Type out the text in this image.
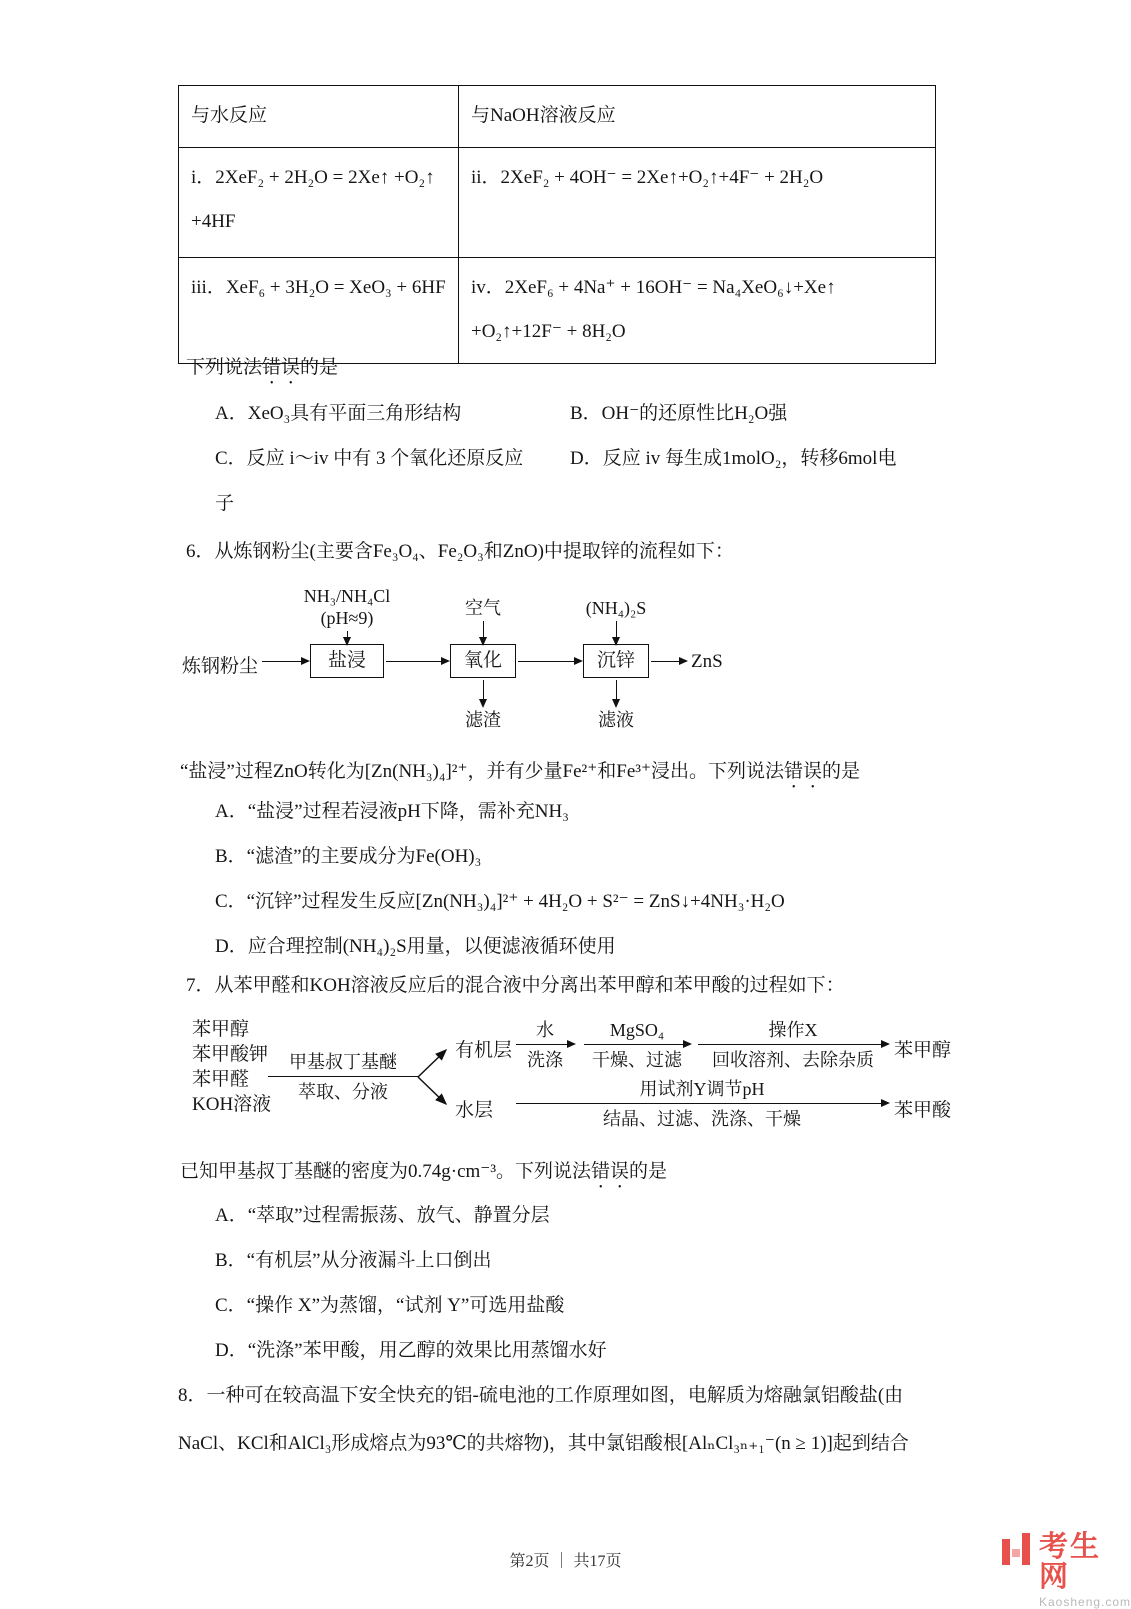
与水反应	与NaOH溶液反应
i．2XeF₂ + 2H₂O = 2Xe↑ +O₂↑ +4HF	ii．2XeF₂ + 4OH⁻ = 2Xe↑+O₂↑+4F⁻ + 2H₂O
iii．XeF₆ + 3H₂O = XeO₃ + 6HF	iv．2XeF₆ + 4Na⁺ + 16OH⁻ = Na₄XeO₆↓+Xe↑ +O₂↑+12F⁻ + 8H₂O
下列说法错误的是
A．XeO₃具有平面三角形结构	B．OH⁻的还原性比H₂O强
C．反应 i～iv 中有 3 个氧化还原反应 D．反应 iv 每生成1molO₂，转移6mol电
子
6．从炼钢粉尘(主要含Fe₃O₄、Fe₂O₃和ZnO)中提取锌的流程如下：
NH₃/NH₄Cl
(pH≈9)	空气	(NH₄)₂S
炼钢粉尘	盐浸	氧化	沉锌	ZnS
滤渣	滤液
“盐浸”过程ZnO转化为[Zn(NH₃)₄]²⁺，并有少量Fe²⁺和Fe³⁺浸出。下列说法错误的是
A．“盐浸”过程若浸液pH下降，需补充NH₃
B．“滤渣”的主要成分为Fe(OH)₃
C．“沉锌”过程发生反应[Zn(NH₃)₄]²⁺ + 4H₂O + S²⁻ = ZnS↓+4NH₃·H₂O
D．应合理控制(NH₄)₂S用量，以便滤液循环使用
7．从苯甲醛和KOH溶液反应后的混合液中分离出苯甲醇和苯甲酸的过程如下：
苯甲醇
苯甲酸钾
苯甲醛
KOH溶液
甲基叔丁基醚
萃取、分液
有机层
水
洗涤
MgSO₄
干燥、过滤
操作X
回收溶剂、去除杂质	苯甲醇
水层
用试剂Y调节pH
结晶、过滤、洗涤、干燥	苯甲酸
已知甲基叔丁基醚的密度为0.74g·cm⁻³。下列说法错误的是
A．“萃取”过程需振荡、放气、静置分层
B．“有机层”从分液漏斗上口倒出
C．“操作 X”为蒸馏，“试剂 Y”可选用盐酸
D．“洗涤”苯甲酸，用乙醇的效果比用蒸馏水好
8．一种可在较高温下安全快充的铝-硫电池的工作原理如图，电解质为熔融氯铝酸盐(由NaCl、KCl和AlCl₃形成熔点为93℃的共熔物)，其中氯铝酸根[AlₙCl₃ₙ₊₁⁻(n ≥ 1)]起到结合
第2页 ｜ 共17页	考生网
Kaosheng.com
